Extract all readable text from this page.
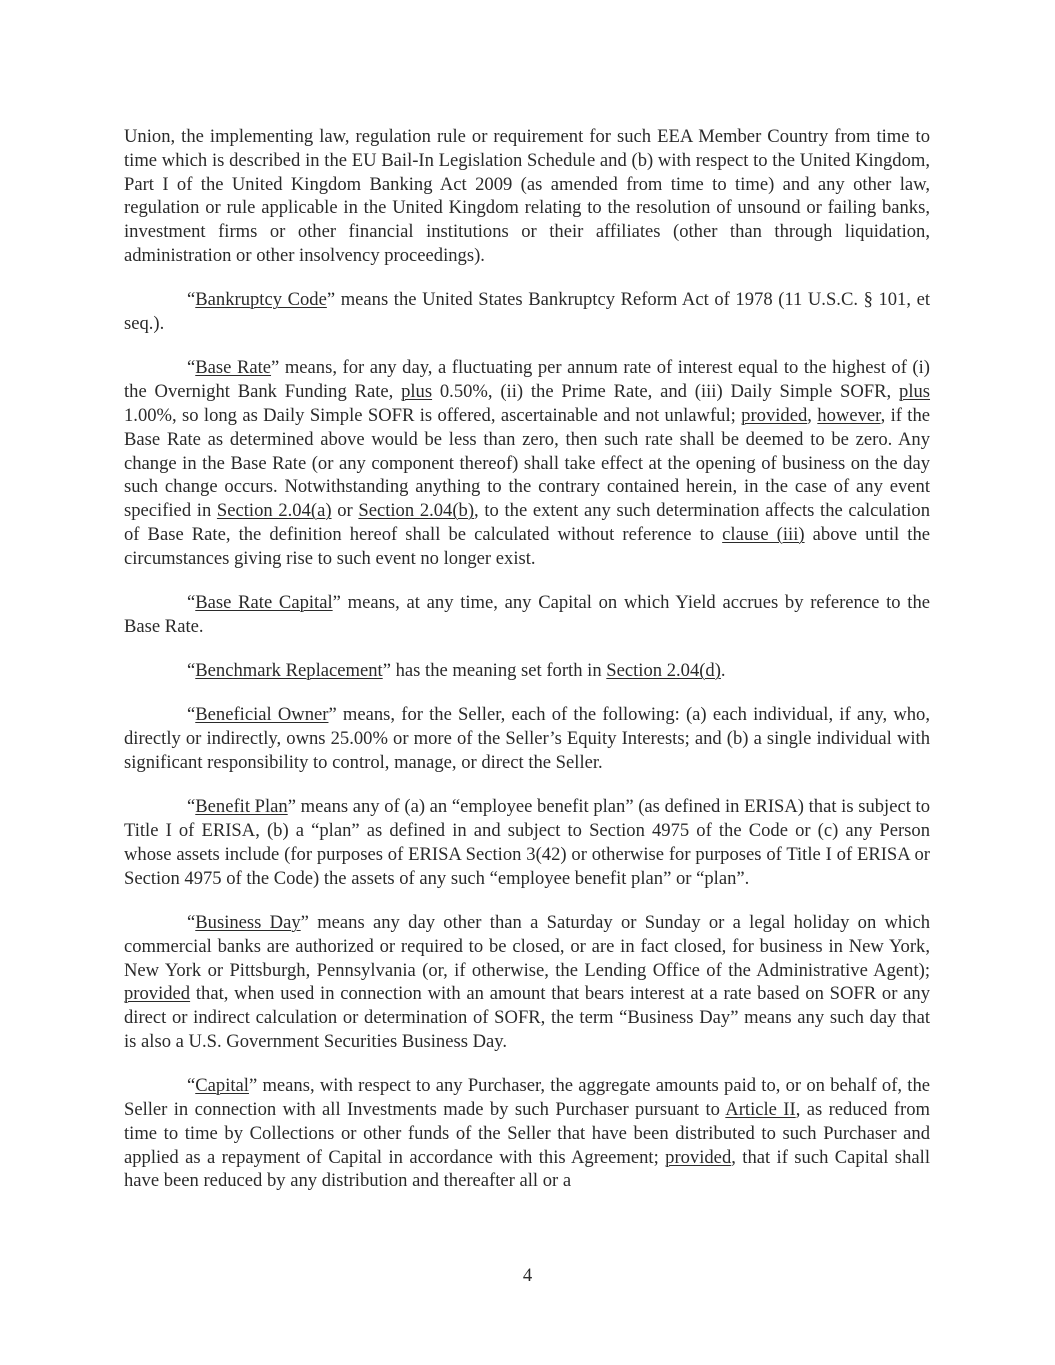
Union, the implementing law, regulation rule or requirement for such EEA Member Country from time to time which is described in the EU Bail-In Legislation Schedule and (b) with respect to the United Kingdom, Part I of the United Kingdom Banking Act 2009 (as amended from time to time) and any other law, regulation or rule applicable in the United Kingdom relating to the resolution of unsound or failing banks, investment firms or other financial institutions or their affiliates (other than through liquidation, administration or other insolvency proceedings).

“Bankruptcy Code” means the United States Bankruptcy Reform Act of 1978 (11 U.S.C. § 101, et seq.).

“Base Rate” means, for any day, a fluctuating per annum rate of interest equal to the highest of (i) the Overnight Bank Funding Rate, plus 0.50%, (ii) the Prime Rate, and (iii) Daily Simple SOFR, plus 1.00%, so long as Daily Simple SOFR is offered, ascertainable and not unlawful; provided, however, if the Base Rate as determined above would be less than zero, then such rate shall be deemed to be zero. Any change in the Base Rate (or any component thereof) shall take effect at the opening of business on the day such change occurs. Notwithstanding anything to the contrary contained herein, in the case of any event specified in Section 2.04(a) or Section 2.04(b), to the extent any such determination affects the calculation of Base Rate, the definition hereof shall be calculated without reference to clause (iii) above until the circumstances giving rise to such event no longer exist.

“Base Rate Capital” means, at any time, any Capital on which Yield accrues by reference to the Base Rate.

“Benchmark Replacement” has the meaning set forth in Section 2.04(d).

“Beneficial Owner” means, for the Seller, each of the following: (a) each individual, if any, who, directly or indirectly, owns 25.00% or more of the Seller’s Equity Interests; and (b) a single individual with significant responsibility to control, manage, or direct the Seller.

“Benefit Plan” means any of (a) an “employee benefit plan” (as defined in ERISA) that is subject to Title I of ERISA, (b) a “plan” as defined in and subject to Section 4975 of the Code or (c) any Person whose assets include (for purposes of ERISA Section 3(42) or otherwise for purposes of Title I of ERISA or Section 4975 of the Code) the assets of any such “employee benefit plan” or “plan”.

“Business Day” means any day other than a Saturday or Sunday or a legal holiday on which commercial banks are authorized or required to be closed, or are in fact closed, for business in New York, New York or Pittsburgh, Pennsylvania (or, if otherwise, the Lending Office of the Administrative Agent); provided that, when used in connection with an amount that bears interest at a rate based on SOFR or any direct or indirect calculation or determination of SOFR, the term “Business Day” means any such day that is also a U.S. Government Securities Business Day.

“Capital” means, with respect to any Purchaser, the aggregate amounts paid to, or on behalf of, the Seller in connection with all Investments made by such Purchaser pursuant to Article II, as reduced from time to time by Collections or other funds of the Seller that have been distributed to such Purchaser and applied as a repayment of Capital in accordance with this Agreement; provided, that if such Capital shall have been reduced by any distribution and thereafter all or a

4
